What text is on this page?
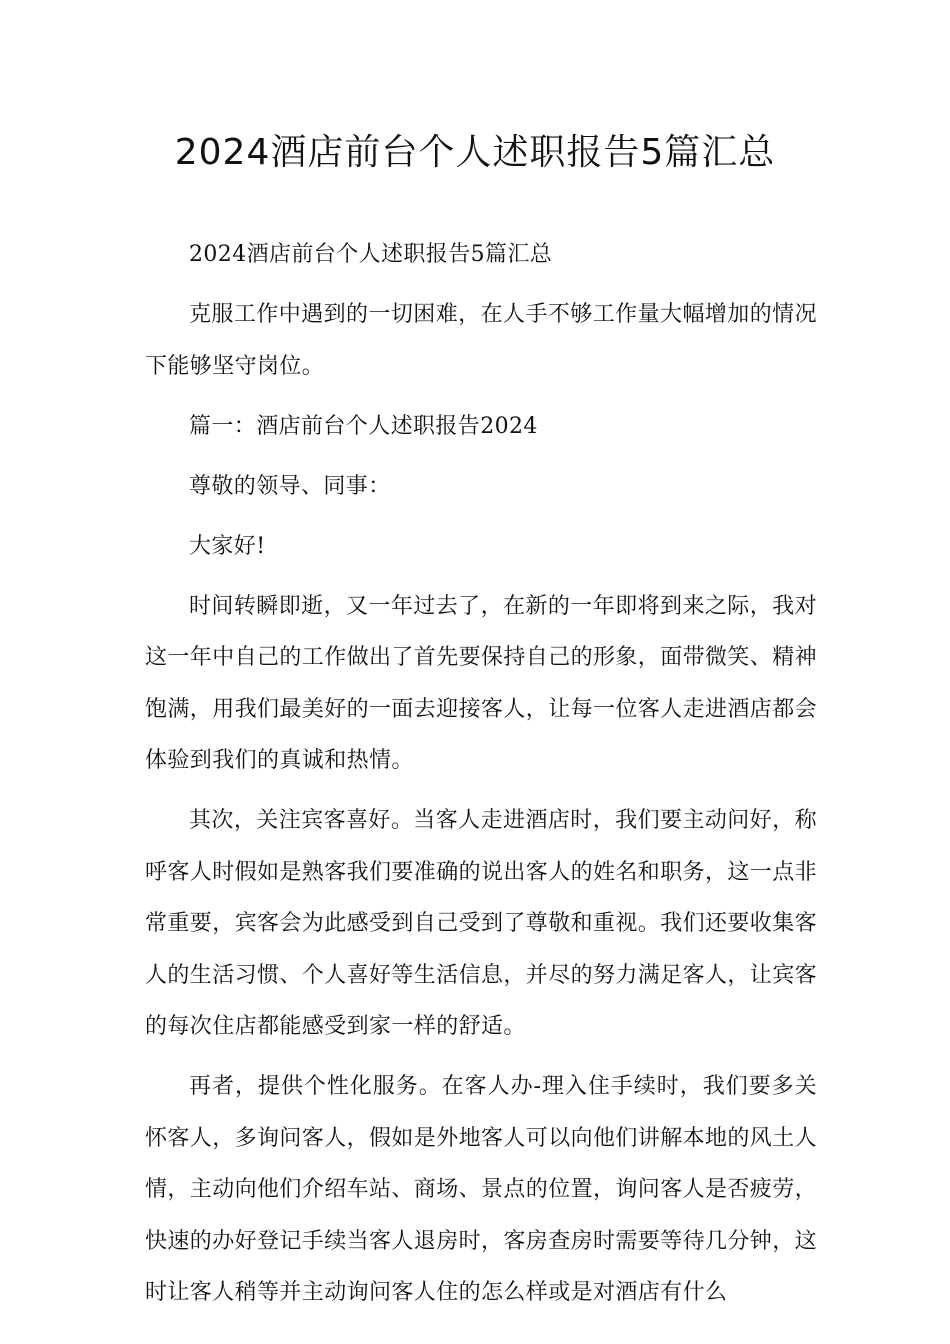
2024酒店前台个人述职报告5篇汇总

2024酒店前台个人述职报告5篇汇总

克服工作中遇到的一切困难，在人手不够工作量大幅增加的情况下能够坚守岗位。

篇一：酒店前台个人述职报告2024

尊敬的领导、同事：

大家好!

时间转瞬即逝，又一年过去了，在新的一年即将到来之际，我对这一年中自己的工作做出了首先要保持自己的形象，面带微笑、精神饱满，用我们最美好的一面去迎接客人，让每一位客人走进酒店都会体验到我们的真诚和热情。

其次，关注宾客喜好。当客人走进酒店时，我们要主动问好，称呼客人时假如是熟客我们要准确的说出客人的姓名和职务，这一点非常重要，宾客会为此感受到自己受到了尊敬和重视。我们还要收集客人的生活习惯、个人喜好等生活信息，并尽的努力满足客人，让宾客的每次住店都能感受到家一样的舒适。

再者，提供个性化服务。在客人办-理入住手续时，我们要多关怀客人，多询问客人，假如是外地客人可以向他们讲解本地的风土人情，主动向他们介绍车站、商场、景点的位置，询问客人是否疲劳，快速的办好登记手续当客人退房时，客房查房时需要等待几分钟，这时让客人稍等并主动询问客人住的怎么样或是对酒店有什么
